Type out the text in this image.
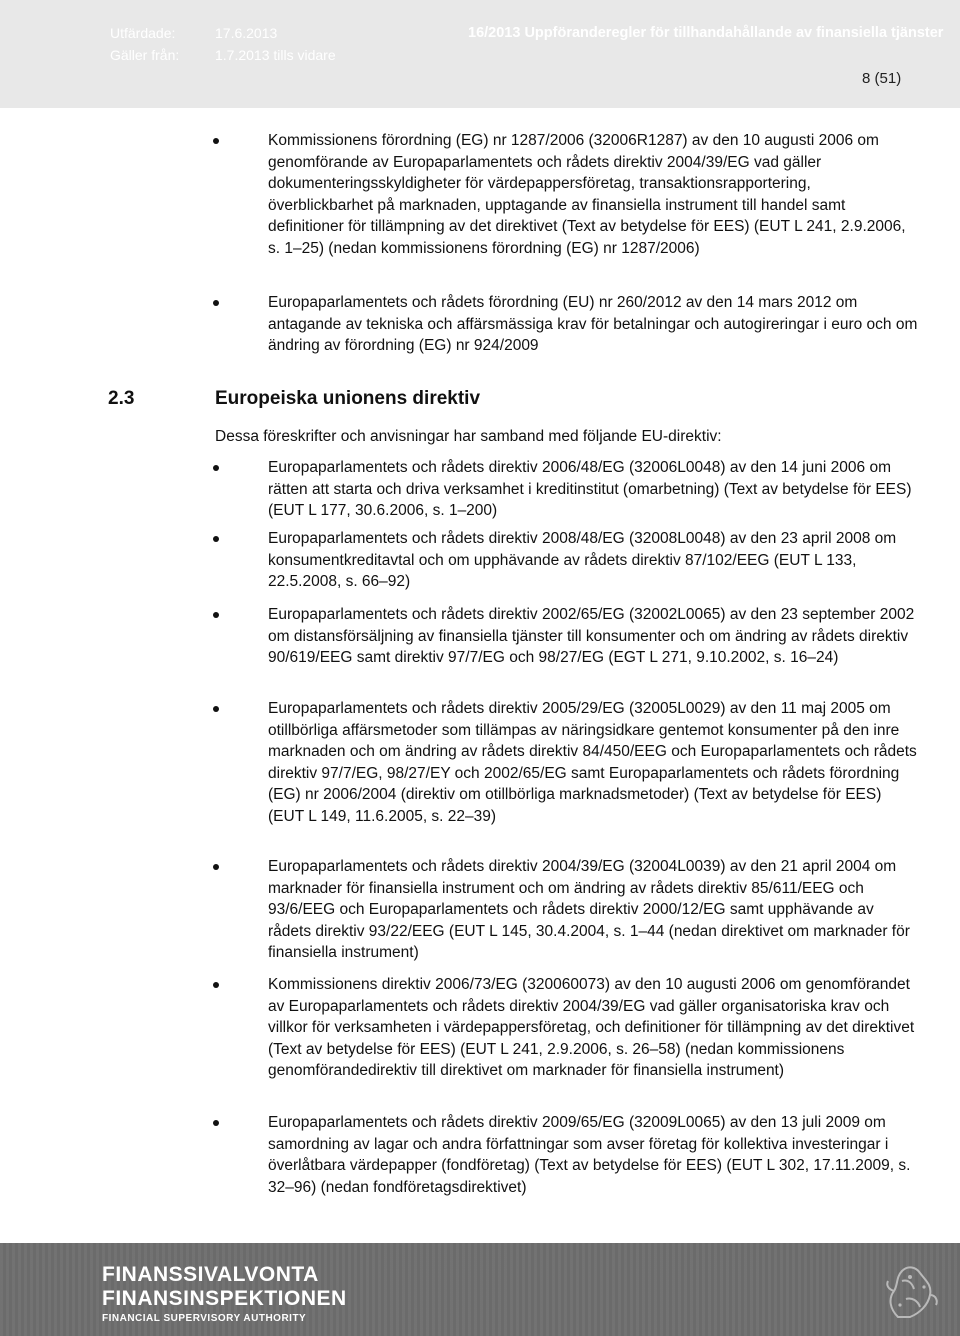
Utfärdade:	17.6.2013
Gäller från:	1.7.2013 tills vidare
16/2013 Uppföranderegler för tillhandahållande av finansiella tjänster
8 (51)
Kommissionens förordning (EG) nr 1287/2006 (32006R1287) av den 10 augusti 2006 om genomförande av Europaparlamentets och rådets direktiv 2004/39/EG vad gäller dokumenteringsskyldigheter för värdepappersföretag, transaktionsrapportering, överblickbarhet på marknaden, upptagande av finansiella instrument till handel samt definitioner för tillämpning av det direktivet (Text av betydelse för EES) (EUT L 241, 2.9.2006, s. 1–25) (nedan kommissionens förordning (EG) nr 1287/2006)
Europaparlamentets och rådets förordning (EU) nr 260/2012 av den 14 mars 2012 om antagande av tekniska och affärsmässiga krav för betalningar och autogireringar i euro och om ändring av förordning (EG) nr 924/2009
2.3	Europeiska unionens direktiv
Dessa föreskrifter och anvisningar har samband med följande EU-direktiv:
Europaparlamentets och rådets direktiv 2006/48/EG (32006L0048) av den 14 juni 2006 om rätten att starta och driva verksamhet i kreditinstitut (omarbetning) (Text av betydelse för EES) (EUT L 177, 30.6.2006, s. 1–200)
Europaparlamentets och rådets direktiv 2008/48/EG (32008L0048) av den 23 april 2008 om konsumentkreditavtal och om upphävande av rådets direktiv 87/102/EEG (EUT L 133, 22.5.2008, s. 66–92)
Europaparlamentets och rådets direktiv 2002/65/EG (32002L0065) av den 23 september 2002 om distansförsäljning av finansiella tjänster till konsumenter och om ändring av rådets direktiv 90/619/EEG samt direktiv 97/7/EG och 98/27/EG (EGT L 271, 9.10.2002, s. 16–24)
Europaparlamentets och rådets direktiv 2005/29/EG (32005L0029) av den 11 maj 2005 om otillbörliga affärsmetoder som tillämpas av näringsidkare gentemot konsumenter på den inre marknaden och om ändring av rådets direktiv 84/450/EEG och Europaparlamentets och rådets direktiv 97/7/EG, 98/27/EY och 2002/65/EG samt Europaparlamentets och rådets förordning (EG) nr 2006/2004 (direktiv om otillbörliga marknadsmetoder) (Text av betydelse för EES) (EUT L 149, 11.6.2005, s. 22–39)
Europaparlamentets och rådets direktiv 2004/39/EG (32004L0039) av den 21 april 2004 om marknader för finansiella instrument och om ändring av rådets direktiv 85/611/EEG och 93/6/EEG och Europaparlamentets och rådets direktiv 2000/12/EG samt upphävande av rådets direktiv 93/22/EEG (EUT L 145, 30.4.2004, s. 1–44 (nedan direktivet om marknader för finansiella instrument)
Kommissionens direktiv 2006/73/EG (320060073) av den 10 augusti 2006 om genomförandet av Europaparlamentets och rådets direktiv 2004/39/EG vad gäller organisatoriska krav och villkor för verksamheten i värdepappersföretag, och definitioner för tillämpning av det direktivet (Text av betydelse för EES) (EUT L 241, 2.9.2006, s. 26–58) (nedan kommissionens genomförandedirektiv till direktivet om marknader för finansiella instrument)
Europaparlamentets och rådets direktiv 2009/65/EG (32009L0065) av den 13 juli 2009 om samordning av lagar och andra författningar som avser företag för kollektiva investeringar i överlåtbara värdepapper (fondföretag) (Text av betydelse för EES) (EUT L 302, 17.11.2009, s. 32–96) (nedan fondföretagsdirektivet)
FINANSSIVALVONTA
FINANSINSPEKTIONEN
FINANCIAL SUPERVISORY AUTHORITY
